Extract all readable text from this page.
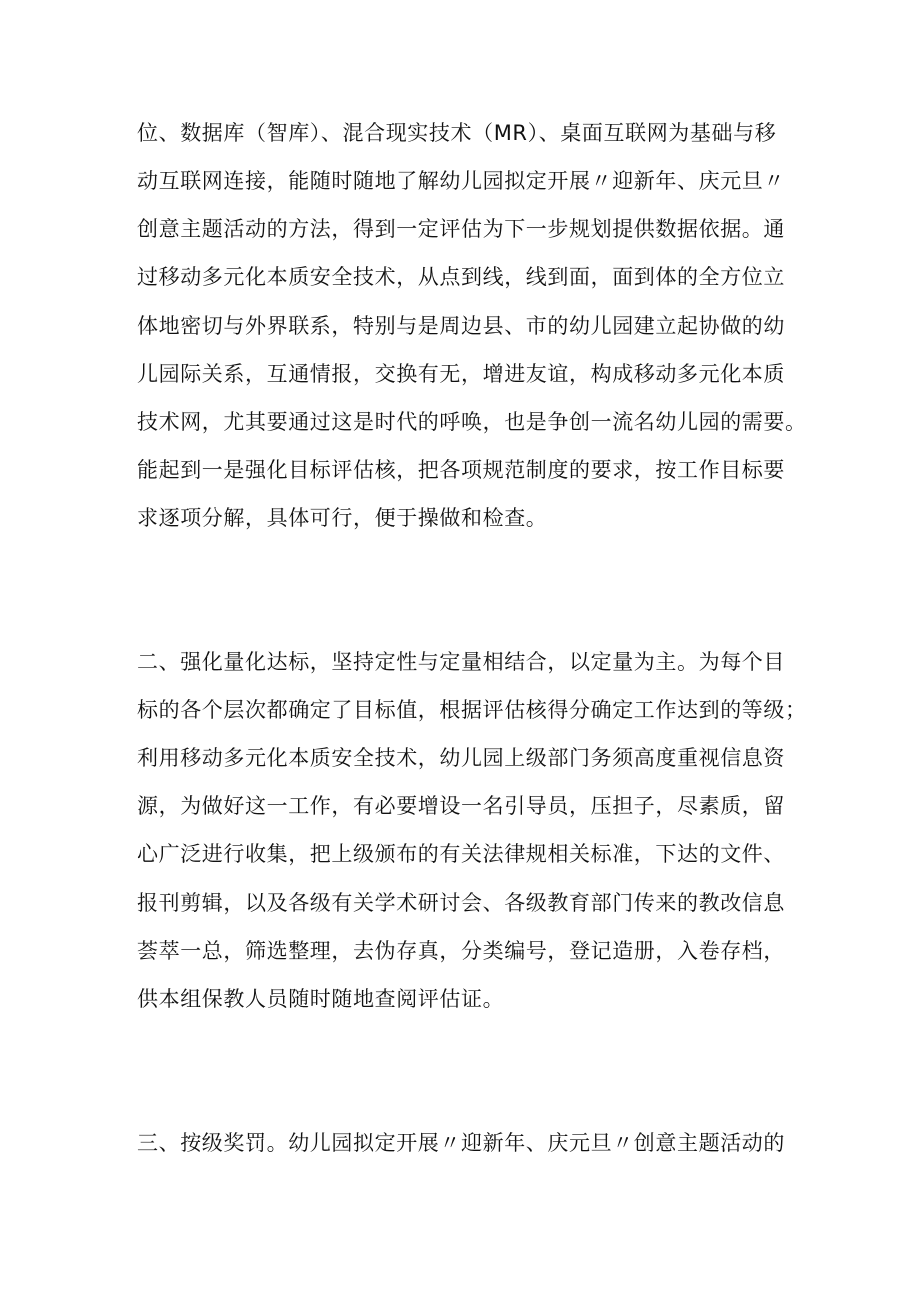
位、数据库（智库）、混合现实技术（MR）、桌面互联网为基础与移
动互联网连接，能随时随地了解幼儿园拟定开展〃迎新年、庆元旦〃
创意主题活动的方法，得到一定评估为下一步规划提供数据依据。通
过移动多元化本质安全技术，从点到线，线到面，面到体的全方位立
体地密切与外界联系，特别与是周边县、市的幼儿园建立起协做的幼
儿园际关系，互通情报，交换有无，增进友谊，构成移动多元化本质
技术网，尤其要通过这是时代的呼唤，也是争创一流名幼儿园的需要。
能起到一是强化目标评估核，把各项规范制度的要求，按工作目标要
求逐项分解，具体可行，便于操做和检查。
二、强化量化达标，坚持定性与定量相结合，以定量为主。为每个目
标的各个层次都确定了目标值，根据评估核得分确定工作达到的等级；
利用移动多元化本质安全技术，幼儿园上级部门务须高度重视信息资
源，为做好这一工作，有必要增设一名引导员，压担子，尽素质，留
心广泛进行收集，把上级颁布的有关法律规相关标准，下达的文件、
报刊剪辑，以及各级有关学术研讨会、各级教育部门传来的教改信息
荟萃一总，筛选整理，去伪存真，分类编号，登记造册，入卷存档，
供本组保教人员随时随地查阅评估证。
三、按级奖罚。幼儿园拟定开展〃迎新年、庆元旦〃创意主题活动的
